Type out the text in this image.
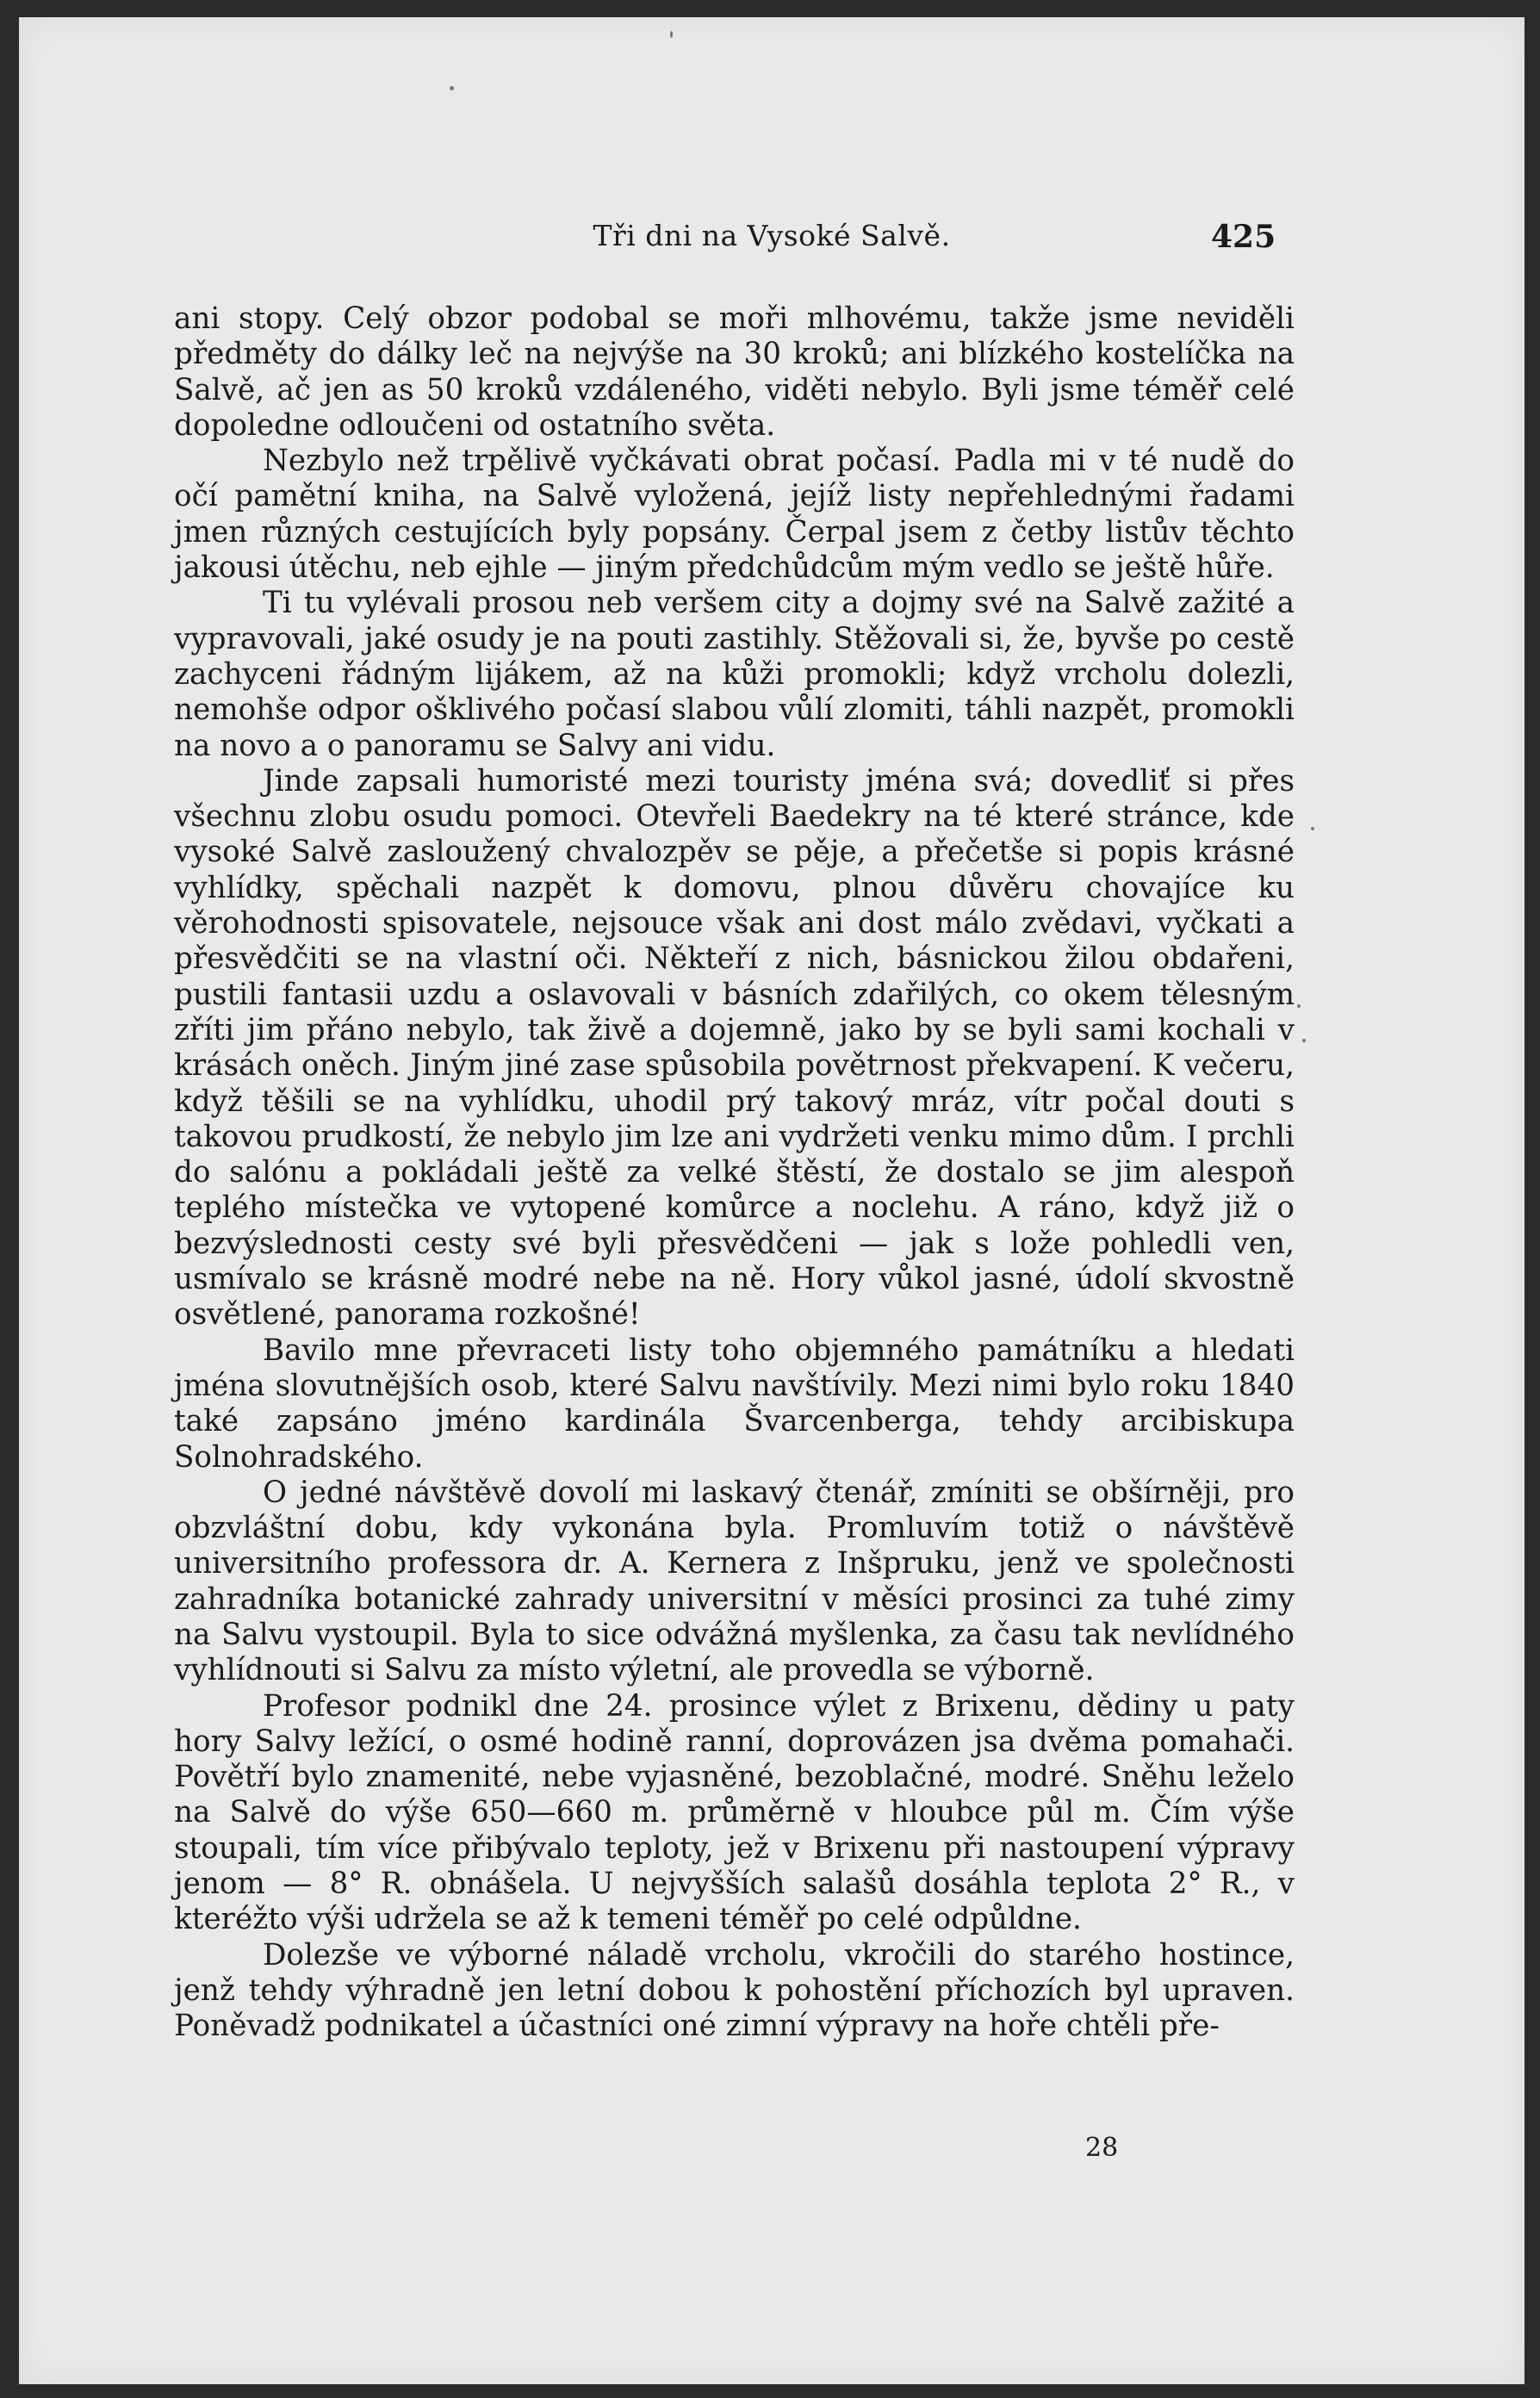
Tři dni na Vysoké Salvě.	425

ani stopy. Celý obzor podobal se moři mlhovému, takže jsme neviděli předměty do dálky leč na nejvýše na 30 kroků; ani blízkého kostelíčka na Salvě, ač jen as 50 kroků vzdáleného, viděti nebylo. Byli jsme téměř celé dopoledne odloučeni od ostatního světa.

Nezbylo než trpělivě vyčkávati obrat počasí. Padla mi v té nudě do očí pamětní kniha, na Salvě vyložená, jejíž listy nepřehlednými řadami jmen různých cestujících byly popsány. Čerpal jsem z četby listův těchto jakousi útěchu, neb ejhle — jiným předchůdcům mým vedlo se ještě hůře.

Ti tu vylévali prosou neb veršem city a dojmy své na Salvě zažité a vypravovali, jaké osudy je na pouti zastihly. Stěžovali si, že, byvše po cestě zachyceni řádným lijákem, až na kůži promokli; když vrcholu dolezli, nemohše odpor ošklivého počasí slabou vůlí zlomiti, táhli nazpět, promokli na novo a o panoramu se Salvy ani vidu.

Jinde zapsali humoristé mezi touristy jména svá; dovedliť si přes všechnu zlobu osudu pomoci. Otevřeli Baedekry na té které stránce, kde vysoké Salvě zasloužený chvalozpěv se pěje, a přečetše si popis krásné vyhlídky, spěchali nazpět k domovu, plnou důvěru chovajíce ku věrohodnosti spisovatele, nejsouce však ani dost málo zvědavi, vyčkati a přesvědčiti se na vlastní oči. Někteří z nich, básnickou žilou obdařeni, pustili fantasii uzdu a oslavovali v básních zdařilých, co okem tělesným zříti jim přáno nebylo, tak živě a dojemně, jako by se byli sami kochali v krásách oněch. Jiným jiné zase spůsobila povětrnost překvapení. K večeru, když těšili se na vyhlídku, uhodil prý takový mráz, vítr počal douti s takovou prudkostí, že nebylo jim lze ani vydržeti venku mimo dům. I prchli do salónu a pokládali ještě za velké štěstí, že dostalo se jim alespoň teplého místečka ve vytopené komůrce a noclehu. A ráno, když již o bezvýslednosti cesty své byli přesvědčeni — jak s lože pohledli ven, usmívalo se krásně modré nebe na ně. Hory vůkol jasné, údolí skvostně osvětlené, panorama rozkošné!

Bavilo mne převraceti listy toho objemného památníku a hledati jména slovutnějších osob, které Salvu navštívily. Mezi nimi bylo roku 1840 také zapsáno jméno kardinála Švarcenberga, tehdy arcibiskupa Solnohradského.

O jedné návštěvě dovolí mi laskavý čtenář, zmíniti se obšírněji, pro obzvláštní dobu, kdy vykonána byla. Promluvím totiž o návštěvě universitního professora dr. A. Kernera z Inšpruku, jenž ve společnosti zahradníka botanické zahrady universitní v měsíci prosinci za tuhé zimy na Salvu vystoupil. Byla to sice odvážná myšlenka, za času tak nevlídného vyhlídnouti si Salvu za místo výletní, ale provedla se výborně.

Profesor podnikl dne 24. prosince výlet z Brixenu, dědiny u paty hory Salvy ležící, o osmé hodině ranní, doprovázen jsa dvěma pomahači. Povětří bylo znamenité, nebe vyjasněné, bezoblačné, modré. Sněhu leželo na Salvě do výše 650—660 m. průměrně v hloubce půl m. Čím výše stoupali, tím více přibývalo teploty, jež v Brixenu při nastoupení výpravy jenom — 8° R. obnášela. U nejvyšších salašů dosáhla teplota 2° R., v kteréžto výši udržela se až k temeni téměř po celé odpůldne.

Dolezše ve výborné náladě vrcholu, vkročili do starého hostince, jenž tehdy výhradně jen letní dobou k pohostění příchozích byl upraven. Poněvadž podnikatel a účastníci oné zimní výpravy na hoře chtěli pře-

28
